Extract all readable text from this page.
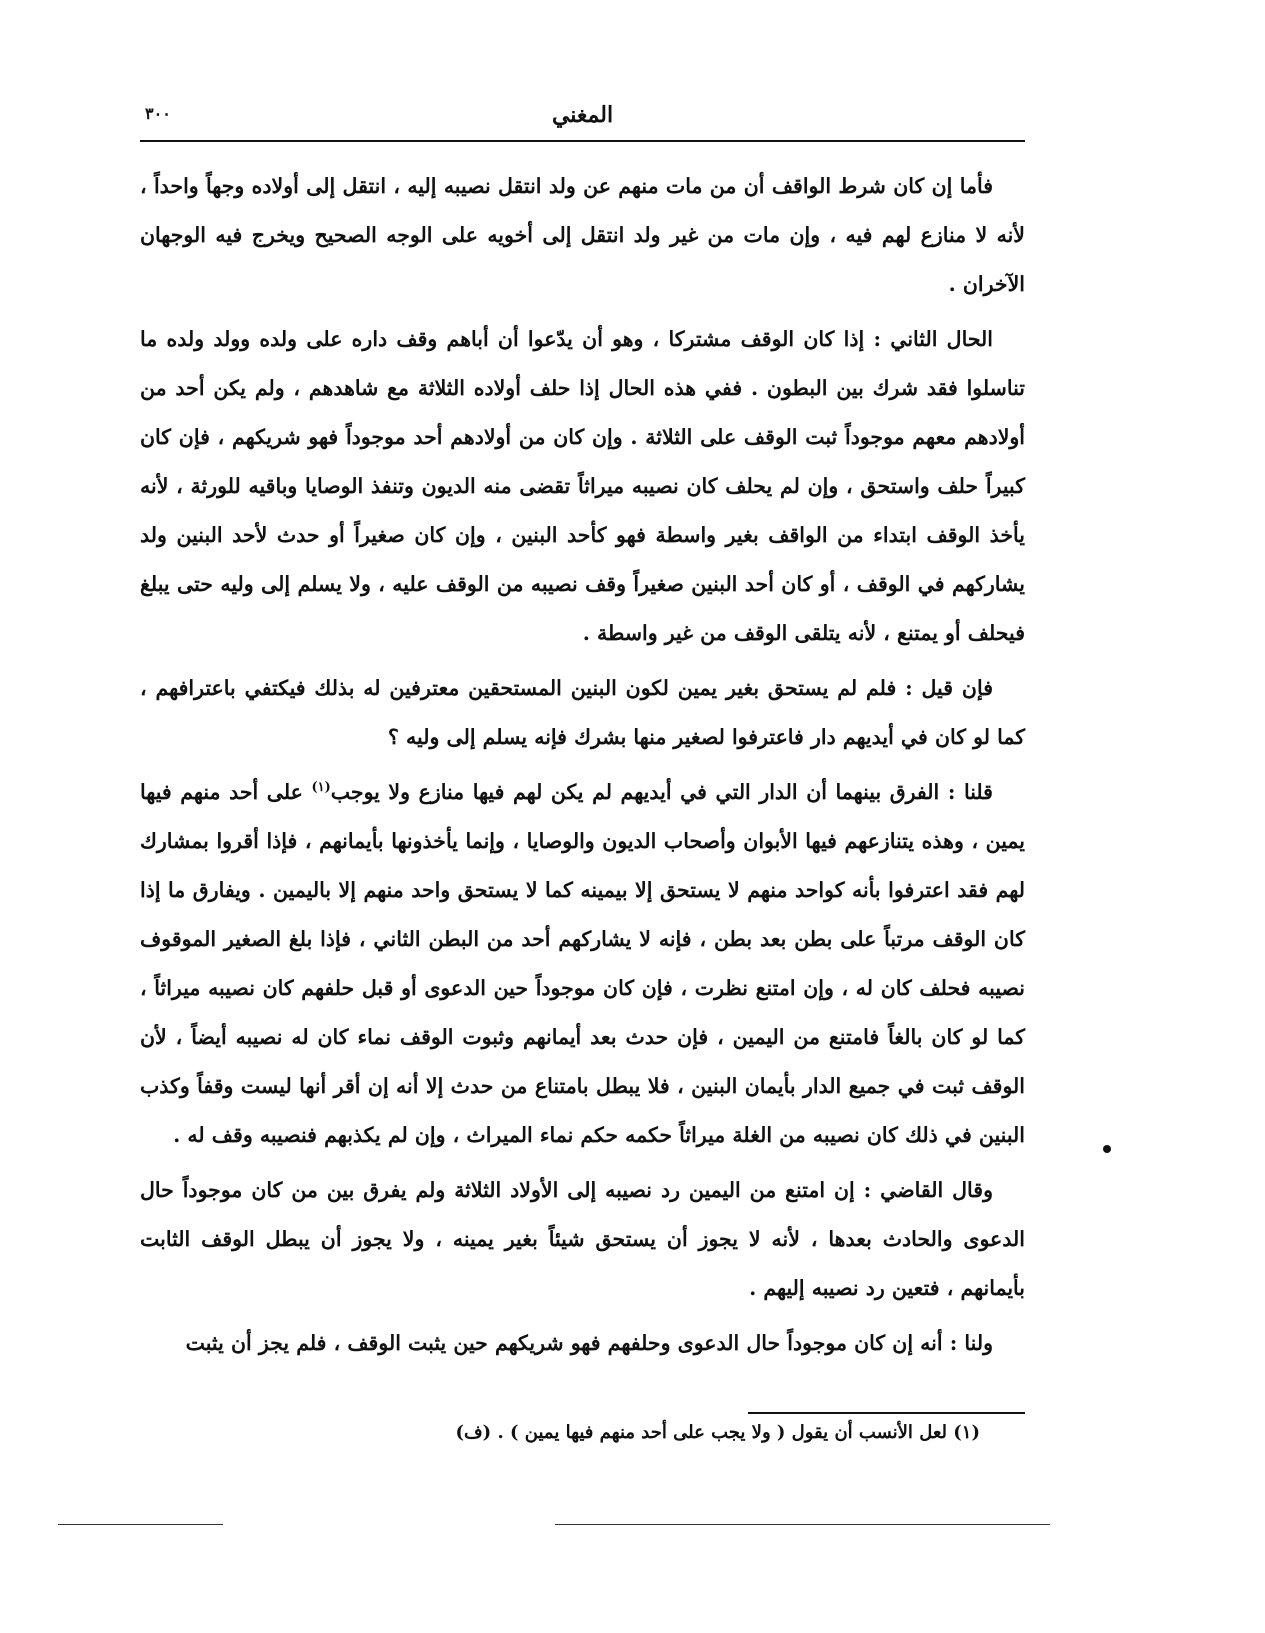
٣٠٠	المغني

فأما إن كان شرط الواقف أن من مات منهم عن ولد انتقل نصيبه إليه ، انتقل إلى أولاده وجهاً واحداً ، لأنه لا منازع لهم فيه ، وإن مات من غير ولد انتقل إلى أخويه على الوجه الصحيح ويخرج فيه الوجهان الآخران .

الحال الثاني : إذا كان الوقف مشتركا ، وهو أن يدّعوا أن أباهم وقف داره على ولده وولد ولده ما تناسلوا فقد شرك بين البطون . ففي هذه الحال إذا حلف أولاده الثلاثة مع شاهدهم ، ولم يكن أحد من أولادهم معهم موجوداً ثبت الوقف على الثلاثة . وإن كان من أولادهم أحد موجوداً فهو شريكهم ، فإن كان كبيراً حلف واستحق ، وإن لم يحلف كان نصيبه ميراثاً تقضى منه الديون وتنفذ الوصايا وباقيه للورثة ، لأنه يأخذ الوقف ابتداء من الواقف بغير واسطة فهو كأحد البنين ، وإن كان صغيراً أو حدث لأحد البنين ولد يشاركهم في الوقف ، أو كان أحد البنين صغيراً وقف نصيبه من الوقف عليه ، ولا يسلم إلى وليه حتى يبلغ فيحلف أو يمتنع ، لأنه يتلقى الوقف من غير واسطة .

فإن قيل : فلم لم يستحق بغير يمين لكون البنين المستحقين معترفين له بذلك فيكتفي باعترافهم ، كما لو كان في أيديهم دار فاعترفوا لصغير منها بشرك فإنه يسلم إلى وليه ؟

قلنا : الفرق بينهما أن الدار التي في أيديهم لم يكن لهم فيها منازع ولا يوجب$^{(١)}$ على أحد منهم فيها يمين ، وهذه يتنازعهم فيها الأبوان وأصحاب الديون والوصايا ، وإنما يأخذونها بأيمانهم ، فإذا أقروا بمشارك لهم فقد اعترفوا بأنه كواحد منهم لا يستحق إلا بيمينه كما لا يستحق واحد منهم إلا باليمين . ويفارق ما إذا كان الوقف مرتباً على بطن بعد بطن ، فإنه لا يشاركهم أحد من البطن الثاني ، فإذا بلغ الصغير الموقوف نصيبه فحلف كان له ، وإن امتنع نظرت ، فإن كان موجوداً حين الدعوى أو قبل حلفهم كان نصيبه ميراثاً ، كما لو كان بالغاً فامتنع من اليمين ، فإن حدث بعد أيمانهم وثبوت الوقف نماء كان له نصيبه أيضاً ، لأن الوقف ثبت في جميع الدار بأيمان البنين ، فلا يبطل بامتناع من حدث إلا أنه إن أقر أنها ليست وقفاً وكذب البنين في ذلك كان نصيبه من الغلة ميراثاً حكمه حكم نماء الميراث ، وإن لم يكذبهم فنصيبه وقف له .

وقال القاضي : إن امتنع من اليمين رد نصيبه إلى الأولاد الثلاثة ولم يفرق بين من كان موجوداً حال الدعوى والحادث بعدها ، لأنه لا يجوز أن يستحق شيئاً بغير يمينه ، ولا يجوز أن يبطل الوقف الثابت بأيمانهم ، فتعين رد نصيبه إليهم .

ولنا : أنه إن كان موجوداً حال الدعوى وحلفهم فهو شريكهم حين يثبت الوقف ، فلم يجز أن يثبت

(١) لعل الأنسب أن يقول ( ولا يجب على أحد منهم فيها يمين ) . (ف)
